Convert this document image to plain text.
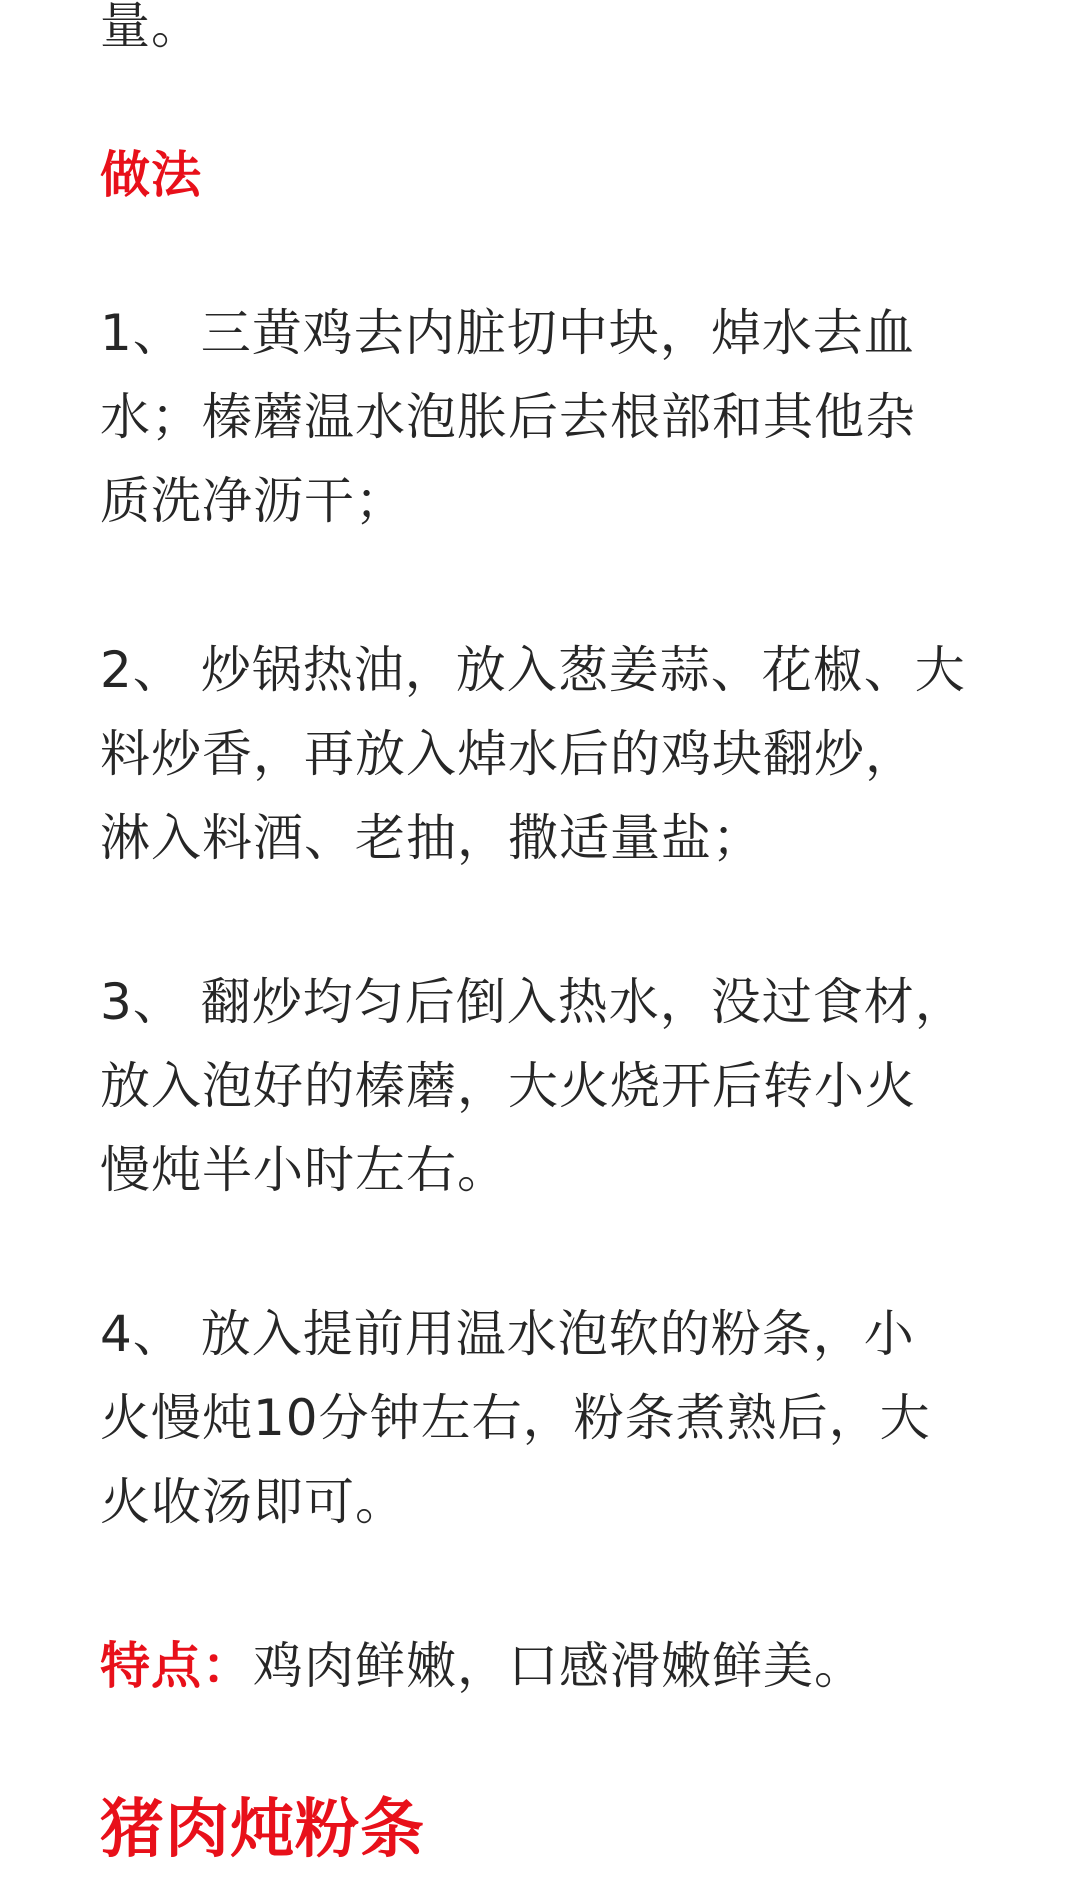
量。
做法
1、 三黄鸡去内脏切中块，焯水去血
水；榛蘑温水泡胀后去根部和其他杂
质洗净沥干；
2、 炒锅热油，放入葱姜蒜、花椒、大
料炒香，再放入焯水后的鸡块翻炒，
淋入料酒、老抽，撒适量盐；
3、 翻炒均匀后倒入热水，没过食材，
放入泡好的榛蘑，大火烧开后转小火
慢炖半小时左右。
4、 放入提前用温水泡软的粉条，小
火慢炖10分钟左右，粉条煮熟后，大
火收汤即可。
特点：鸡肉鲜嫩，口感滑嫩鲜美。
猪肉炖粉条
